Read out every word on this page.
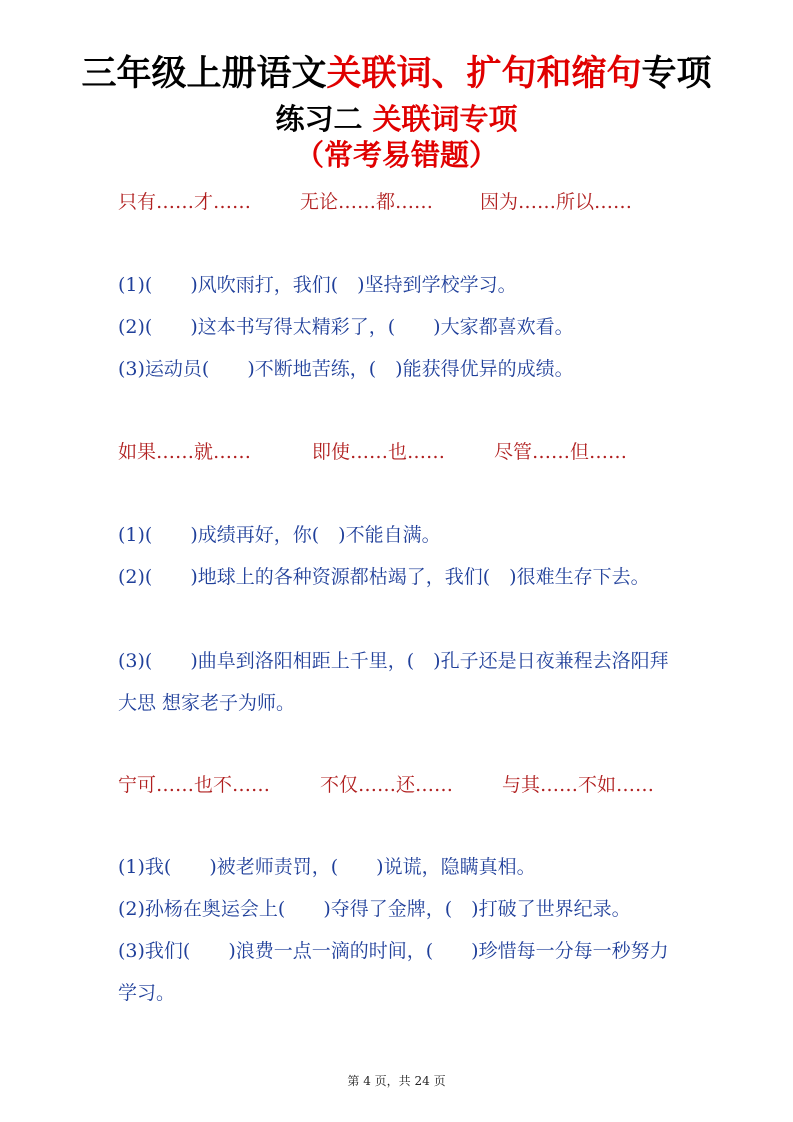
三年级上册语文关联词、扩句和缩句专项
练习二 关联词专项
（常考易错题）
只有……才……	无论……都…… 因为……所以……
(1)(　　)风吹雨打，我们(　)坚持到学校学习。
(2)(　　)这本书写得太精彩了，(　　)大家都喜欢看。
(3)运动员(　　)不断地苦练，(　)能获得优异的成绩。
如果……就……	即使……也……	尽管……但……
(1)(　　)成绩再好，你(　)不能自满。
(2)(　　)地球上的各种资源都枯竭了，我们(　)很难生存下去。
(3)(　　)曲阜到洛阳相距上千里，(　)孔子还是日夜兼程去洛阳拜大思 想家老子为师。
宁可……也不……	不仅……还……	与其……不如……
(1)我(　　)被老师责罚，(　　)说谎，隐瞒真相。
(2)孙杨在奥运会上(　　)夺得了金牌，(　)打破了世界纪录。
(3)我们(　　)浪费一点一滴的时间，(　　)珍惜每一分每一秒努力学习。
第 4 页，共 24 页
